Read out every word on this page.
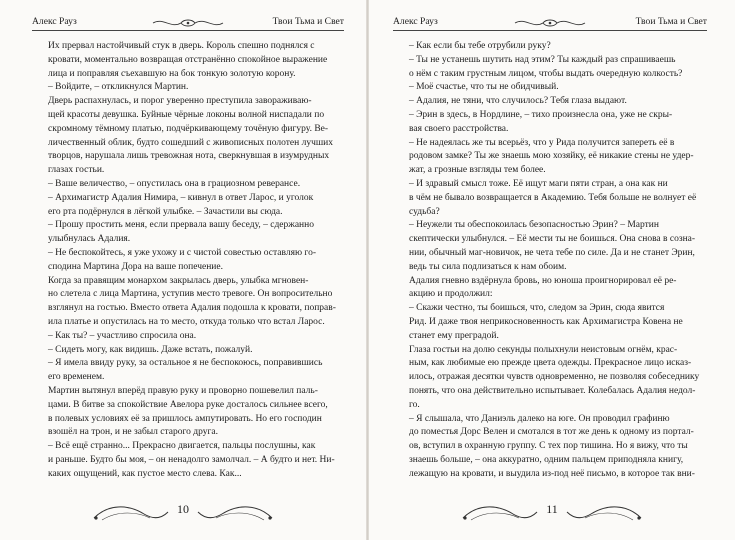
Алекс Рауз	Твои Тьма и Свет

Их прервал настойчивый стук в дверь. Король спешно поднялся с

кровати, моментально возвращая отстранённо спокойное выражение

лица и поправляя съехавшую на бок тонкую золотую корону.

– Войдите, – откликнулся Мартин.

Дверь распахнулась, и порог уверенно преступила завораживаю-

щей красоты девушка. Буйные чёрные локоны волной ниспадали по

скромному тёмному платью, подчёркивающему точёную фигуру. Ве-

личественный облик, будто сошедший с живописных полотен лучших

творцов, нарушала лишь тревожная нота, сверкнувшая в изумрудных

глазах гостьи.

– Ваше величество, – опустилась она в грациозном реверансе.

– Архимагистр Адалия Нимира, – кивнул в ответ Ларос, и уголок

его рта подёрнулся в лёгкой улыбке. – Зачастили вы сюда.

– Прошу простить меня, если прервала вашу беседу, – сдержанно

улыбнулась Адалия.

– Не беспокойтесь, я уже ухожу и с чистой совестью оставляю го-

сподина Мартина Дора на ваше попечение.

Когда за правящим монархом закрылась дверь, улыбка мгновен-

но слетела с лица Мартина, уступив место тревоге. Он вопросительно

взглянул на гостью. Вместо ответа Адалия подошла к кровати, поправ-

ила платье и опустилась на то место, откуда только что встал Ларос.

– Как ты? – участливо спросила она.

– Сидеть могу, как видишь. Даже встать, пожалуй.

– Я имела ввиду руку, за остальное я не беспокоюсь, поправившись

его временем.

Мартин вытянул вперёд правую руку и проворно пошевелил паль-

цами. В битве за спокойствие Авелора руке досталось сильнее всего,

в полевых условиях её за пришлось ампутировать. Но его господин

взошёл на трон, и не забыл старого друга.

– Всё ещё странно... Прекрасно двигается, пальцы послушны, как

и раньше. Будто бы моя, – он ненадолго замолчал. – А будто и нет. Ни-

каких ощущений, как пустое место слева. Как...

10
Алекс Рауз	Твои Тьма и Свет

– Как если бы тебе отрубили руку?

– Ты не устанешь шутить над этим? Ты каждый раз спрашиваешь

о нём с таким грустным лицом, чтобы выдать очередную колкость?

– Моё счастье, что ты не обидчивый.

– Адалия, не тяни, что случилось? Тебя глаза выдают.

– Эрин в здесь, в Нордлине, – тихо произнесла она, уже не скры-

вая своего расстройства.

– Не надеялась же ты всерьёз, что у Рида получится запереть её в

родовом замке? Ты же знаешь мою хозяйку, её никакие стены не удер-

жат, а грозные взгляды тем более.

– И здравый смысл тоже. Её ищут маги пяти стран, а она как ни

в чём не бывало возвращается в Академию. Тебя больше не волнует её

судьба?

– Неужели ты обеспокоилась безопасностью Эрин? – Мартин

скептически улыбнулся. – Её мести ты не боишься. Она снова в созна-

нии, обычный маг-новичок, не чета тебе по силе. Да и не станет Эрин,

ведь ты сила подлизаться к нам обоим.

Адалия гневно вздёрнула бровь, но юноша проигнорировал её ре-

акцию и продолжил:

– Скажи честно, ты боишься, что, следом за Эрин, сюда явится

Рид. И даже твоя неприкосновенность как Архимагистра Ковена не

станет ему преградой.

Глаза гостьи на долю секунды полыхнули неистовым огнём, крас-

ным, как любимые ею прежде цвета одежды. Прекрасное лицо исказ-

илось, отражая десятки чувств одновременно, не позволяя собеседнику

понять, что она действительно испытывает. Колебалась Адалия недол-

го.

– Я слышала, что Даниэль далеко на юге. Он проводил графиню

до поместья Дорс Велен и смотался в тот же день к одному из портал-

ов, вступил в охранную группу. С тех пор тишина. Но я вижу, что ты

знаешь больше, – она аккуратно, одним пальцем приподняла книгу,

лежащую на кровати, и выудила из-под неё письмо, в которое так вни-

11
